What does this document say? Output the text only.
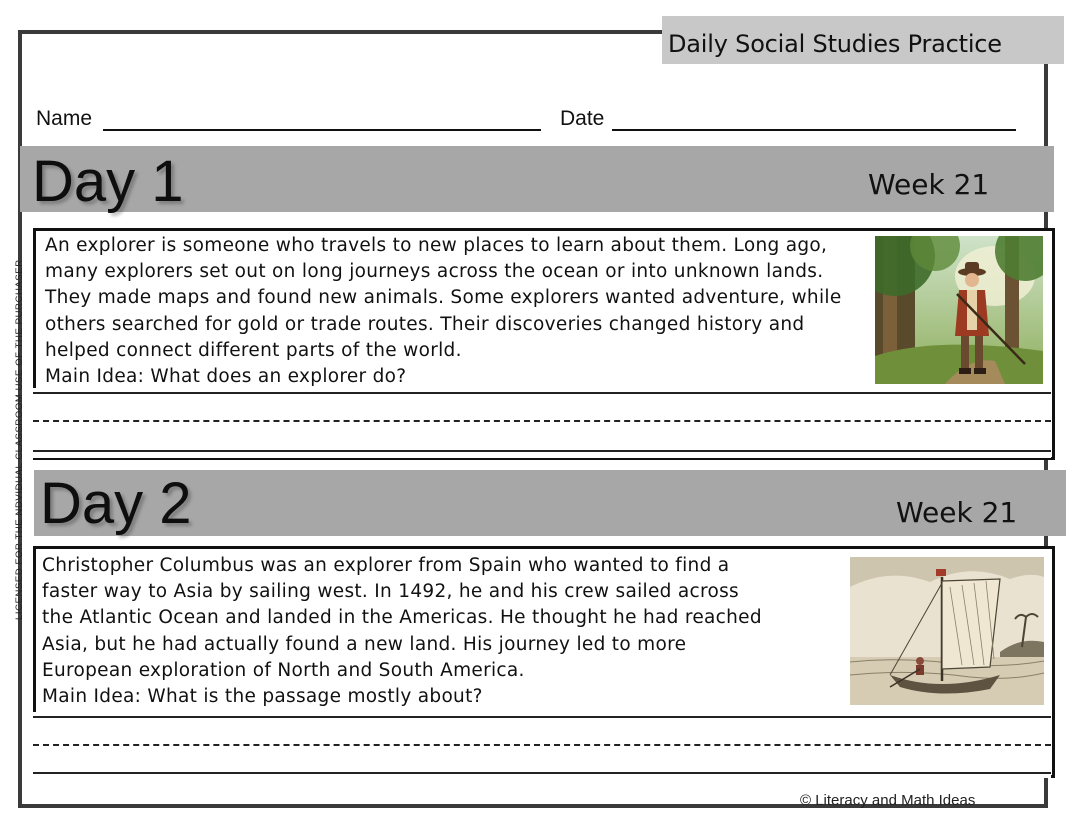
Daily Social Studies Practice
Name	Date
LICENSED FOR THE NDVIDUAL CLASSROOM USE OF THE PURCHASER
Day 1	Week 21

An explorer is someone who travels to new places to learn about them. Long ago,

many explorers set out on long journeys across the ocean or into unknown lands.

They made maps and found new animals. Some explorers wanted adventure, while

others searched for gold or trade routes. Their discoveries changed history and

helped connect different parts of the world.

Main Idea: What does an explorer do?

Day 2	Week 21

Christopher Columbus was an explorer from Spain who wanted to find a

faster way to Asia by sailing west. In 1492, he and his crew sailed across

the Atlantic Ocean and landed in the Americas. He thought he had reached

Asia, but he had actually found a new land. His journey led to more

European exploration of North and South America.

Main Idea: What is the passage mostly about?

© Literacy and Math Ideas
